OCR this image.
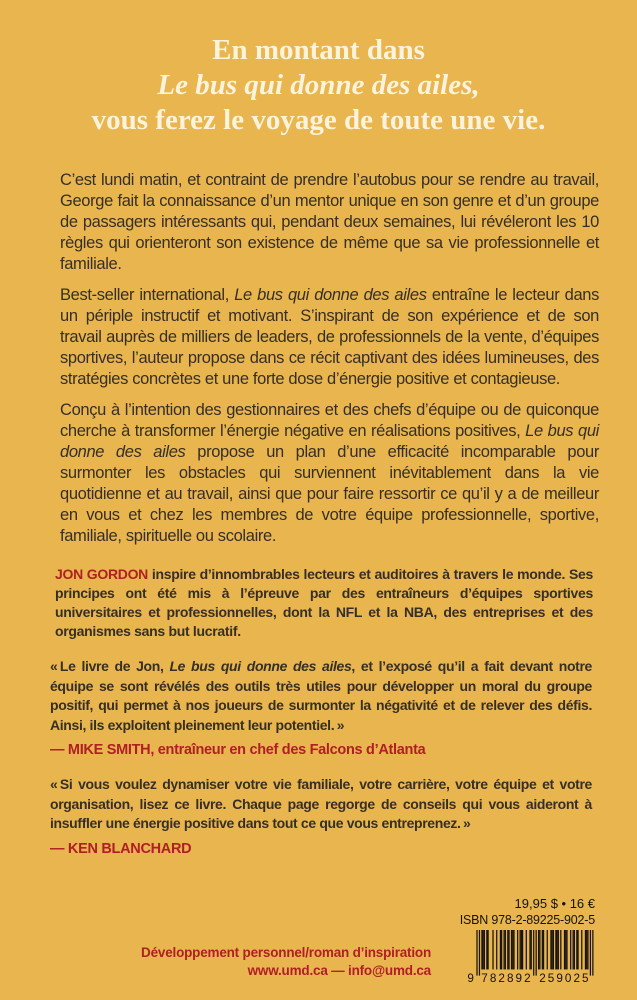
En montant dans
Le bus qui donne des ailes,
vous ferez le voyage de toute une vie.

C’est lundi matin, et contraint de prendre l’autobus pour se rendre au travail, George fait la connaissance d’un mentor unique en son genre et d’un groupe de passagers intéressants qui, pendant deux semaines, lui révéleront les 10 règles qui orienteront son existence de même que sa vie professionnelle et familiale.

Best-seller international, Le bus qui donne des ailes entraîne le lecteur dans un périple instructif et motivant. S’inspirant de son expérience et de son travail auprès de milliers de leaders, de professionnels de la vente, d’équipes sportives, l’auteur propose dans ce récit captivant des idées lumineuses, des stratégies concrètes et une forte dose d’énergie positive et contagieuse.

Conçu à l’intention des gestionnaires et des chefs d’équipe ou de quiconque cherche à transformer l’énergie négative en réalisations positives, Le bus qui donne des ailes propose un plan d’une efficacité incomparable pour surmonter les obstacles qui surviennent inévitablement dans la vie quotidienne et au travail, ainsi que pour faire ressortir ce qu’il y a de meilleur en vous et chez les membres de votre équipe professionnelle, sportive, familiale, spirituelle ou scolaire.

JON GORDON inspire d’innombrables lecteurs et auditoires à travers le monde. Ses principes ont été mis à l’épreuve par des entraîneurs d’équipes sportives universitaires et professionnelles, dont la NFL et la NBA, des entreprises et des organismes sans but lucratif.

« Le livre de Jon, Le bus qui donne des ailes, et l’exposé qu’il a fait devant notre équipe se sont révélés des outils très utiles pour développer un moral du groupe positif, qui permet à nos joueurs de surmonter la négativité et de relever des défis. Ainsi, ils exploitent pleinement leur potentiel. »

— MIKE SMITH, entraîneur en chef des Falcons d’Atlanta

« Si vous voulez dynamiser votre vie familiale, votre carrière, votre équipe et votre organisation, lisez ce livre. Chaque page regorge de conseils qui vous aideront à insuffler une énergie positive dans tout ce que vous entreprenez. »

— KEN BLANCHARD

Développement personnel/roman d’inspiration
www.umd.ca — info@umd.ca
19,95 $ • 16 €
ISBN 978-2-89225-902-5
9 782892 259025
